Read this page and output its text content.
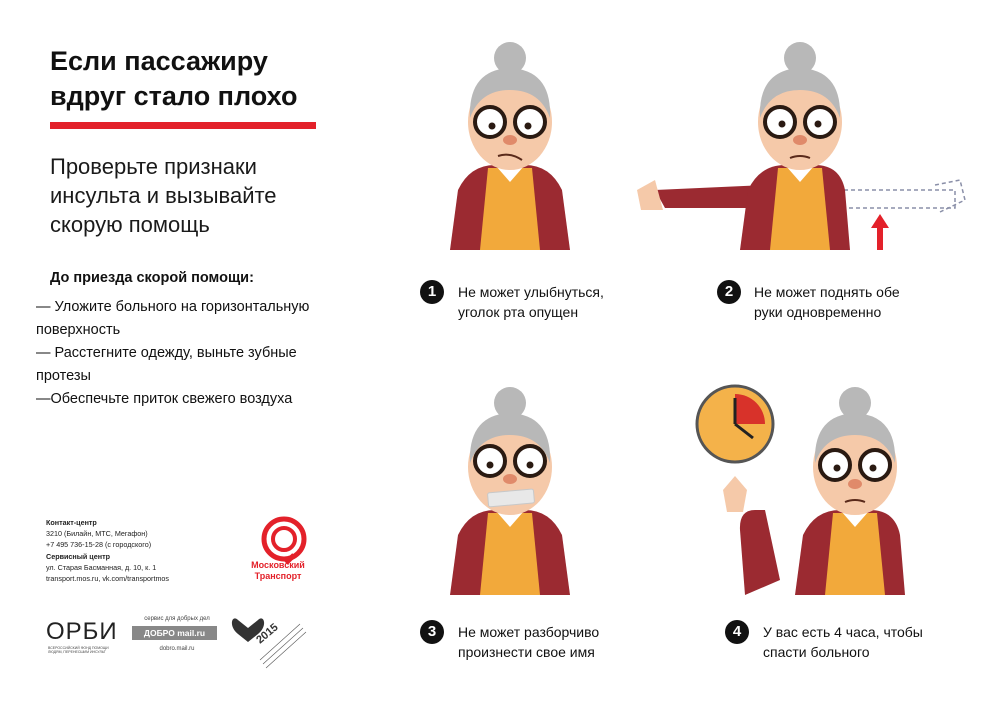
Если пассажиру вдруг стало плохо
Проверьте признаки инсульта и вызывайте скорую помощь
До приезда скорой помощи:
— Уложите больного на горизонтальную поверхность
— Расстегните одежду, выньте зубные протезы
—Обеспечьте приток свежего воздуха
Контакт-центр
3210 (Билайн, МТС, Мегафон)
+7 495 736-15-28 (с городского)
Сервисный центр
ул. Старая Басманная, д. 10, к. 1
transport.mos.ru, vk.com/transportmos
Московский Транспорт
ОРБИ
ВСЕРОССИЙСКИЙ ФОНД ПОМОЩИ ЛЮДЯМ, ПЕРЕНЕСШИМ ИНСУЛЬТ
сервис для добрых дел
ДОБРО mail.ru
dobro.mail.ru
2015
1	Не может улыбнуться, уголок рта опущен
2	Не может поднять обе руки одновременно
3	Не может разборчиво произнести свое имя
4	У вас есть 4 часа, чтобы спасти больного
